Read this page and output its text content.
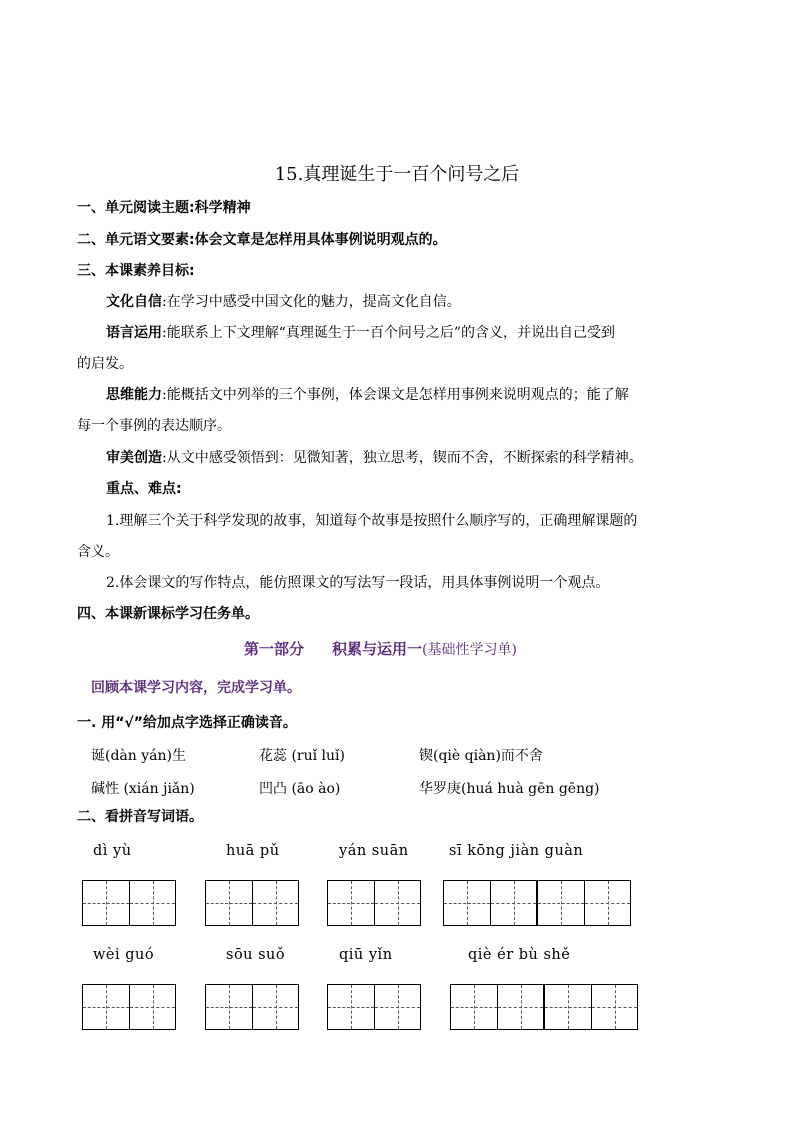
15.真理诞生于一百个问号之后
一、单元阅读主题:科学精神
二、单元语文要素:体会文章是怎样用具体事例说明观点的。
三、本课素养目标:
文化自信:在学习中感受中国文化的魅力，提高文化自信。
语言运用:能联系上下文理解“真理诞生于一百个问号之后”的含义，并说出自己受到
的启发。
思维能力:能概括文中列举的三个事例，体会课文是怎样用事例来说明观点的；能了解
每一个事例的表达顺序。
审美创造:从文中感受领悟到：见微知著，独立思考，锲而不舍，不断探索的科学精神。
重点、难点:
1.理解三个关于科学发现的故事，知道每个故事是按照什么顺序写的，正确理解课题的
含义。
2.体会课文的写作特点，能仿照课文的写法写一段话，用具体事例说明一个观点。
四、本课新课标学习任务单。
第一部分 积累与运用一(基础性学习单)
回顾本课学习内容，完成学习单。
一. 用“√”给加点字选择正确读音。
诞(dàn yán)生	花蕊 (ruǐ luǐ)	锲(qiè qiàn)而不舍
碱性 (xián jiǎn)	凹凸 (āo ào)	华罗庚(huá huà gēn gēng)
二、看拼音写词语。
dì yù	huā pǔ	yán suān	sī kōng jiàn guàn
wèi guó	sōu suǒ	qiū yǐn	qiè ér bù shě
